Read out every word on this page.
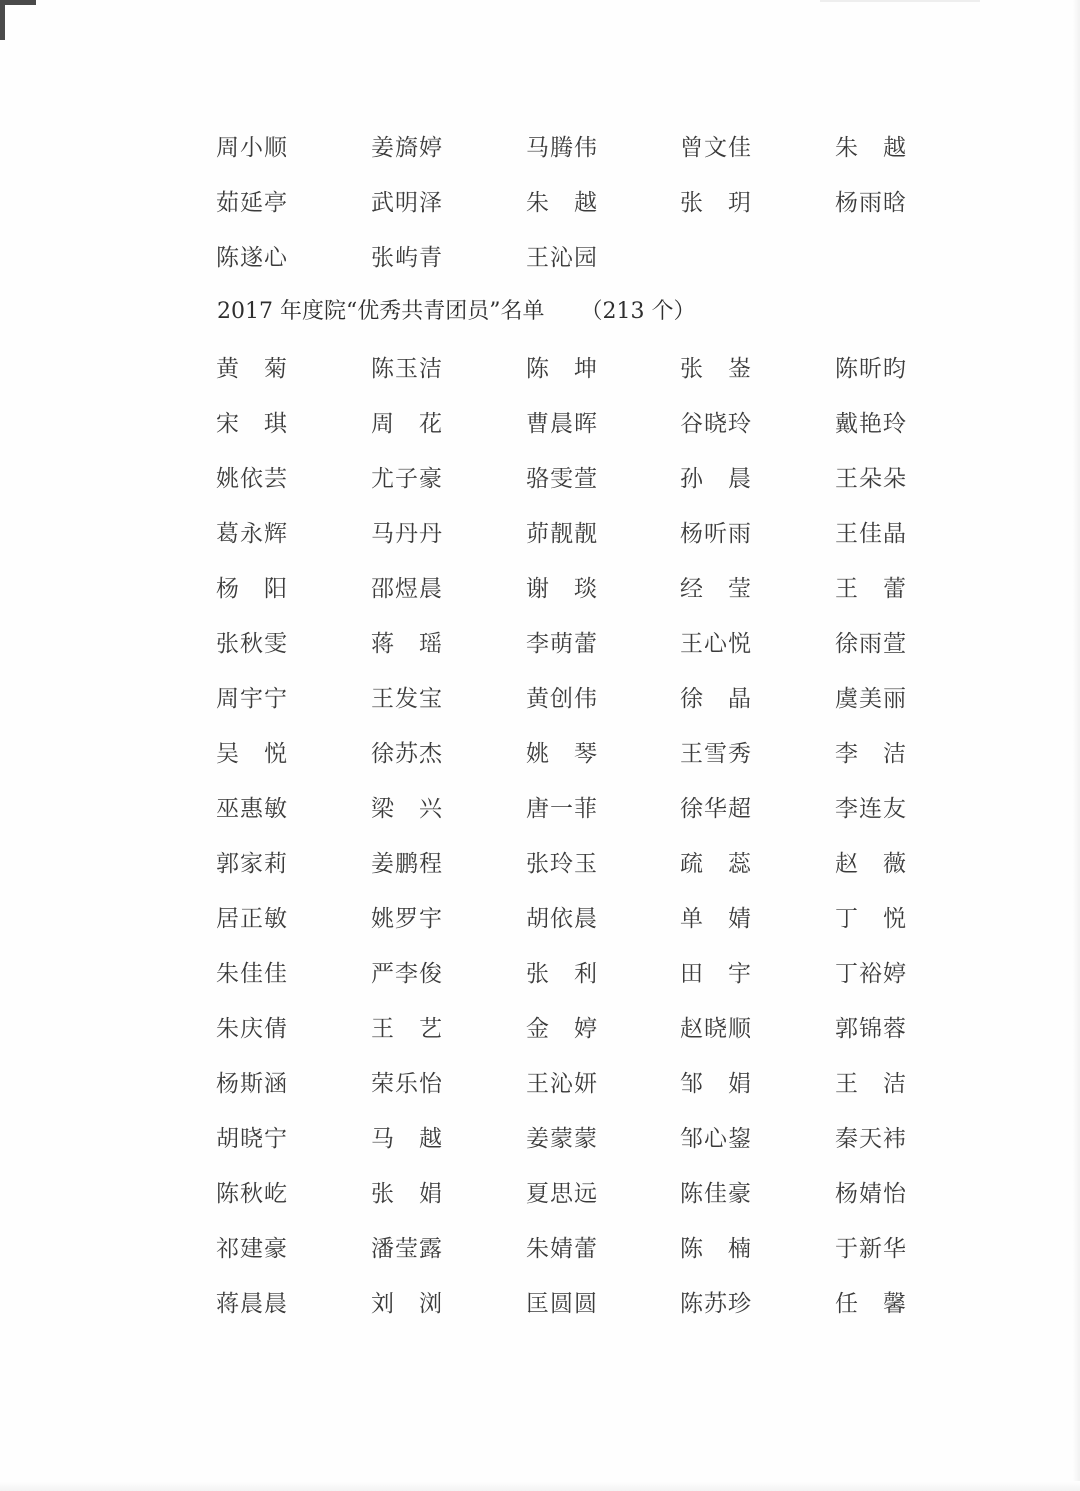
周小顺	姜旖婷	马腾伟	曾文佳	朱　越
茹延亭	武明泽	朱　越	张　玥	杨雨晗
陈遂心	张屿青	王沁园
2017 年度院“优秀共青团员”名单 （213 个）
黄　菊	陈玉洁	陈　坤	张　崟	陈昕昀
宋　琪	周　花	曹晨晖	谷晓玲	戴艳玲
姚依芸	尤子豪	骆雯萱	孙　晨	王朵朵
葛永辉	马丹丹	茆靓靓	杨听雨	王佳晶
杨　阳	邵煜晨	谢　琰	经　莹	王　蕾
张秋雯	蒋　瑶	李萌蕾	王心悦	徐雨萱
周宇宁	王发宝	黄创伟	徐　晶	虞美丽
吴　悦	徐苏杰	姚　琴	王雪秀	李　洁
巫惠敏	梁　兴	唐一菲	徐华超	李连友
郭家莉	姜鹏程	张玲玉	疏　蕊	赵　薇
居正敏	姚罗宇	胡依晨	单　婧	丁　悦
朱佳佳	严李俊	张　利	田　宇	丁裕婷
朱庆倩	王　艺	金　婷	赵晓顺	郭锦蓉
杨斯涵	荣乐怡	王沁妍	邹　娟	王　洁
胡晓宁	马　越	姜蒙蒙	邹心鋆	秦天袆
陈秋屹	张　娟	夏思远	陈佳豪	杨婧怡
祁建豪	潘莹露	朱婧蕾	陈　楠	于新华
蒋晨晨	刘　浏	匡圆圆	陈苏珍	任　馨
